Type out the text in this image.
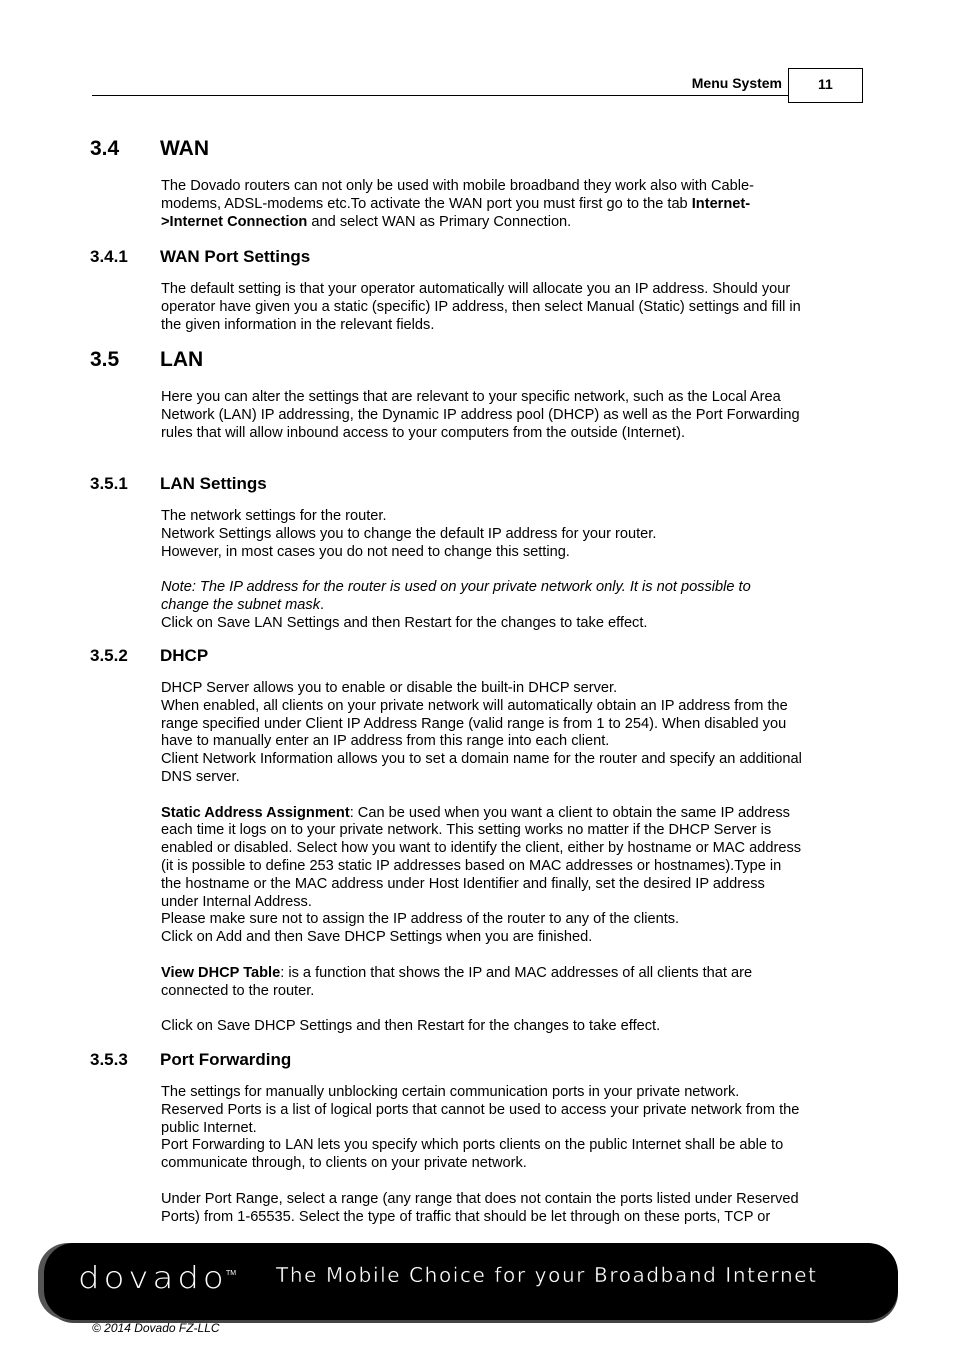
Menu System	11
3.4 WAN
The Dovado routers can not only be used with mobile broadband they work also with Cable-
modems, ADSL-modems etc.To activate the WAN port you must first go to the tab Internet-
>Internet Connection and select WAN as Primary Connection.
3.4.1 WAN Port Settings
The default setting is that your operator automatically will allocate you an IP address. Should your
operator have given you a static (specific) IP address, then select Manual (Static) settings and fill in
the given information in the relevant fields.
3.5 LAN
Here you can alter the settings that are relevant to your specific network, such as the Local Area
Network (LAN) IP addressing, the Dynamic IP address pool (DHCP) as well as the Port Forwarding
rules that will allow inbound access to your computers from the outside (Internet).
3.5.1 LAN Settings
The network settings for the router.
Network Settings allows you to change the default IP address for your router.
However, in most cases you do not need to change this setting.
Note: The IP address for the router is used on your private network only. It is not possible to
change the subnet mask.
Click on Save LAN Settings and then Restart for the changes to take effect.
3.5.2 DHCP
DHCP Server allows you to enable or disable the built-in DHCP server.
When enabled, all clients on your private network will automatically obtain an IP address from the
range specified under Client IP Address Range (valid range is from 1 to 254). When disabled you
have to manually enter an IP address from this range into each client.
Client Network Information allows you to set a domain name for the router and specify an additional
DNS server.
Static Address Assignment: Can be used when you want a client to obtain the same IP address
each time it logs on to your private network. This setting works no matter if the DHCP Server is
enabled or disabled. Select how you want to identify the client, either by hostname or MAC address
(it is possible to define 253 static IP addresses based on MAC addresses or hostnames).Type in
the hostname or the MAC address under Host Identifier and finally, set the desired IP address
under Internal Address.
Please make sure not to assign the IP address of the router to any of the clients.
Click on Add and then Save DHCP Settings when you are finished.
View DHCP Table: is a function that shows the IP and MAC addresses of all clients that are
connected to the router.
Click on Save DHCP Settings and then Restart for the changes to take effect.
3.5.3 Port Forwarding
The settings for manually unblocking certain communication ports in your private network.
Reserved Ports is a list of logical ports that cannot be used to access your private network from the
public Internet.
Port Forwarding to LAN lets you specify which ports clients on the public Internet shall be able to
communicate through, to clients on your private network.
Under Port Range, select a range (any range that does not contain the ports listed under Reserved
Ports) from 1-65535. Select the type of traffic that should be let through on these ports, TCP or
dovado
TM The Mobile Choice for your Broadband Internet
© 2014 Dovado FZ-LLC
